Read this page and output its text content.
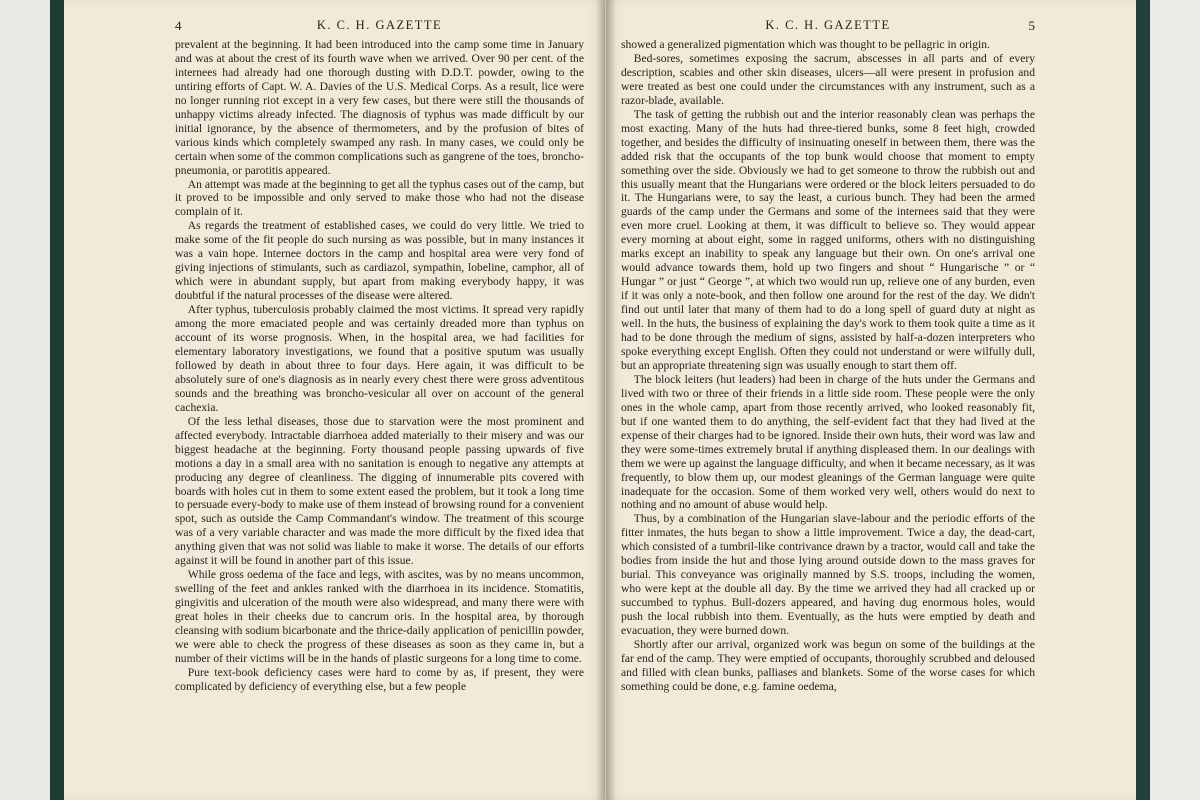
4	K. C. H. GAZETTE

prevalent at the beginning. It had been introduced into the camp some time in January and was at about the crest of its fourth wave when we arrived. Over 90 per cent. of the internees had already had one thorough dusting with D.D.T. powder, owing to the untiring efforts of Capt. W. A. Davies of the U.S. Medical Corps. As a result, lice were no longer running riot except in a very few cases, but there were still the thousands of unhappy victims already infected. The diagnosis of typhus was made difficult by our initial ignorance, by the absence of thermometers, and by the profusion of bites of various kinds which completely swamped any rash. In many cases, we could only be certain when some of the common complications such as gangrene of the toes, broncho-pneumonia, or parotitis appeared.

An attempt was made at the beginning to get all the typhus cases out of the camp, but it proved to be impossible and only served to make those who had not the disease complain of it.

As regards the treatment of established cases, we could do very little. We tried to make some of the fit people do such nursing as was possible, but in many instances it was a vain hope. Internee doctors in the camp and hospital area were very fond of giving injections of stimulants, such as cardiazol, sympathin, lobeline, camphor, all of which were in abundant supply, but apart from making everybody happy, it was doubtful if the natural processes of the disease were altered.

After typhus, tuberculosis probably claimed the most victims. It spread very rapidly among the more emaciated people and was certainly dreaded more than typhus on account of its worse prognosis. When, in the hospital area, we had facilities for elementary laboratory investigations, we found that a positive sputum was usually followed by death in about three to four days. Here again, it was difficult to be absolutely sure of one's diagnosis as in nearly every chest there were gross adventitous sounds and the breathing was broncho-vesicular all over on account of the general cachexia.

Of the less lethal diseases, those due to starvation were the most prominent and affected everybody. Intractable diarrhoea added materially to their misery and was our biggest headache at the beginning. Forty thousand people passing upwards of five motions a day in a small area with no sanitation is enough to negative any attempts at producing any degree of cleanliness. The digging of innumerable pits covered with boards with holes cut in them to some extent eased the problem, but it took a long time to persuade every-body to make use of them instead of browsing round for a convenient spot, such as outside the Camp Commandant's window. The treatment of this scourge was of a very variable character and was made the more difficult by the fixed idea that anything given that was not solid was liable to make it worse. The details of our efforts against it will be found in another part of this issue.

While gross oedema of the face and legs, with ascites, was by no means uncommon, swelling of the feet and ankles ranked with the diarrhoea in its incidence. Stomatitis, gingivitis and ulceration of the mouth were also widespread, and many there were with great holes in their cheeks due to cancrum oris. In the hospital area, by thorough cleansing with sodium bicarbonate and the thrice-daily application of penicillin powder, we were able to check the progress of these diseases as soon as they came in, but a number of their victims will be in the hands of plastic surgeons for a long time to come.

Pure text-book deficiency cases were hard to come by as, if present, they were complicated by deficiency of everything else, but a few people

K. C. H. GAZETTE	5

showed a generalized pigmentation which was thought to be pellagric in origin.

Bed-sores, sometimes exposing the sacrum, abscesses in all parts and of every description, scabies and other skin diseases, ulcers—all were present in profusion and were treated as best one could under the circumstances with any instrument, such as a razor-blade, available.

The task of getting the rubbish out and the interior reasonably clean was perhaps the most exacting. Many of the huts had three-tiered bunks, some 8 feet high, crowded together, and besides the difficulty of insinuating oneself in between them, there was the added risk that the occupants of the top bunk would choose that moment to empty something over the side. Obviously we had to get someone to throw the rubbish out and this usually meant that the Hungarians were ordered or the block leiters persuaded to do it. The Hungarians were, to say the least, a curious bunch. They had been the armed guards of the camp under the Germans and some of the internees said that they were even more cruel. Looking at them, it was difficult to believe so. They would appear every morning at about eight, some in ragged uniforms, others with no distinguishing marks except an inability to speak any language but their own. On one's arrival one would advance towards them, hold up two fingers and shout “ Hungarische ” or “ Hungar ” or just “ George ”, at which two would run up, relieve one of any burden, even if it was only a note-book, and then follow one around for the rest of the day. We didn't find out until later that many of them had to do a long spell of guard duty at night as well. In the huts, the business of explaining the day's work to them took quite a time as it had to be done through the medium of signs, assisted by half-a-dozen interpreters who spoke everything except English. Often they could not understand or were wilfully dull, but an appropriate threatening sign was usually enough to start them off.

The block leiters (hut leaders) had been in charge of the huts under the Germans and lived with two or three of their friends in a little side room. These people were the only ones in the whole camp, apart from those recently arrived, who looked reasonably fit, but if one wanted them to do anything, the self-evident fact that they had lived at the expense of their charges had to be ignored. Inside their own huts, their word was law and they were some-times extremely brutal if anything displeased them. In our dealings with them we were up against the language difficulty, and when it became necessary, as it was frequently, to blow them up, our modest gleanings of the German language were quite inadequate for the occasion. Some of them worked very well, others would do next to nothing and no amount of abuse would help.

Thus, by a combination of the Hungarian slave-labour and the periodic efforts of the fitter inmates, the huts began to show a little improvement. Twice a day, the dead-cart, which consisted of a tumbril-like contrivance drawn by a tractor, would call and take the bodies from inside the hut and those lying around outside down to the mass graves for burial. This conveyance was originally manned by S.S. troops, including the women, who were kept at the double all day. By the time we arrived they had all cracked up or succumbed to typhus. Bull-dozers appeared, and having dug enormous holes, would push the local rubbish into them. Eventually, as the huts were emptied by death and evacuation, they were burned down.

Shortly after our arrival, organized work was begun on some of the buildings at the far end of the camp. They were emptied of occupants, thoroughly scrubbed and deloused and filled with clean bunks, palliases and blankets. Some of the worse cases for which something could be done, e.g. famine oedema,
